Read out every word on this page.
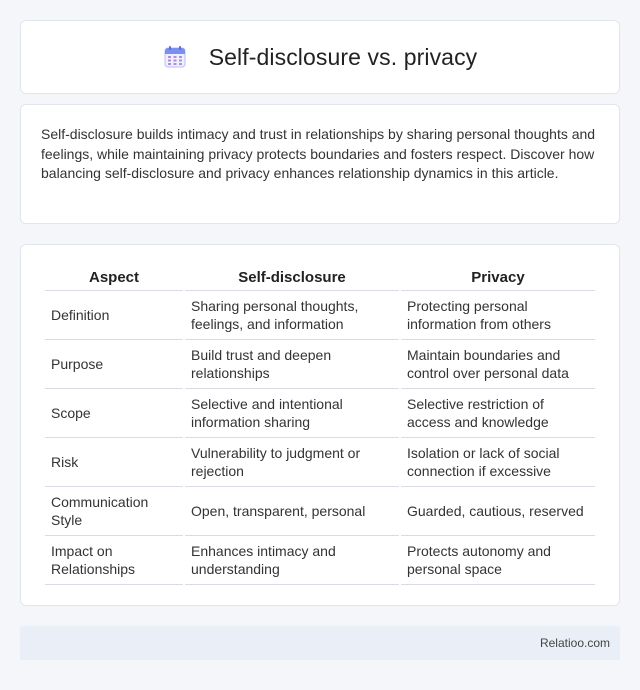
Self-disclosure vs. privacy

Self-disclosure builds intimacy and trust in relationships by sharing personal thoughts and feelings, while maintaining privacy protects boundaries and fosters respect. Discover how balancing self-disclosure and privacy enhances relationship dynamics in this article.

Aspect	Self-disclosure	Privacy
Definition	Sharing personal thoughts, feelings, and information	Protecting personal information from others
Purpose	Build trust and deepen relationships	Maintain boundaries and control over personal data
Scope	Selective and intentional information sharing	Selective restriction of access and knowledge
Risk	Vulnerability to judgment or rejection	Isolation or lack of social connection if excessive
Communication Style	Open, transparent, personal	Guarded, cautious, reserved
Impact on Relationships	Enhances intimacy and understanding	Protects autonomy and personal space
Relatioo.com
